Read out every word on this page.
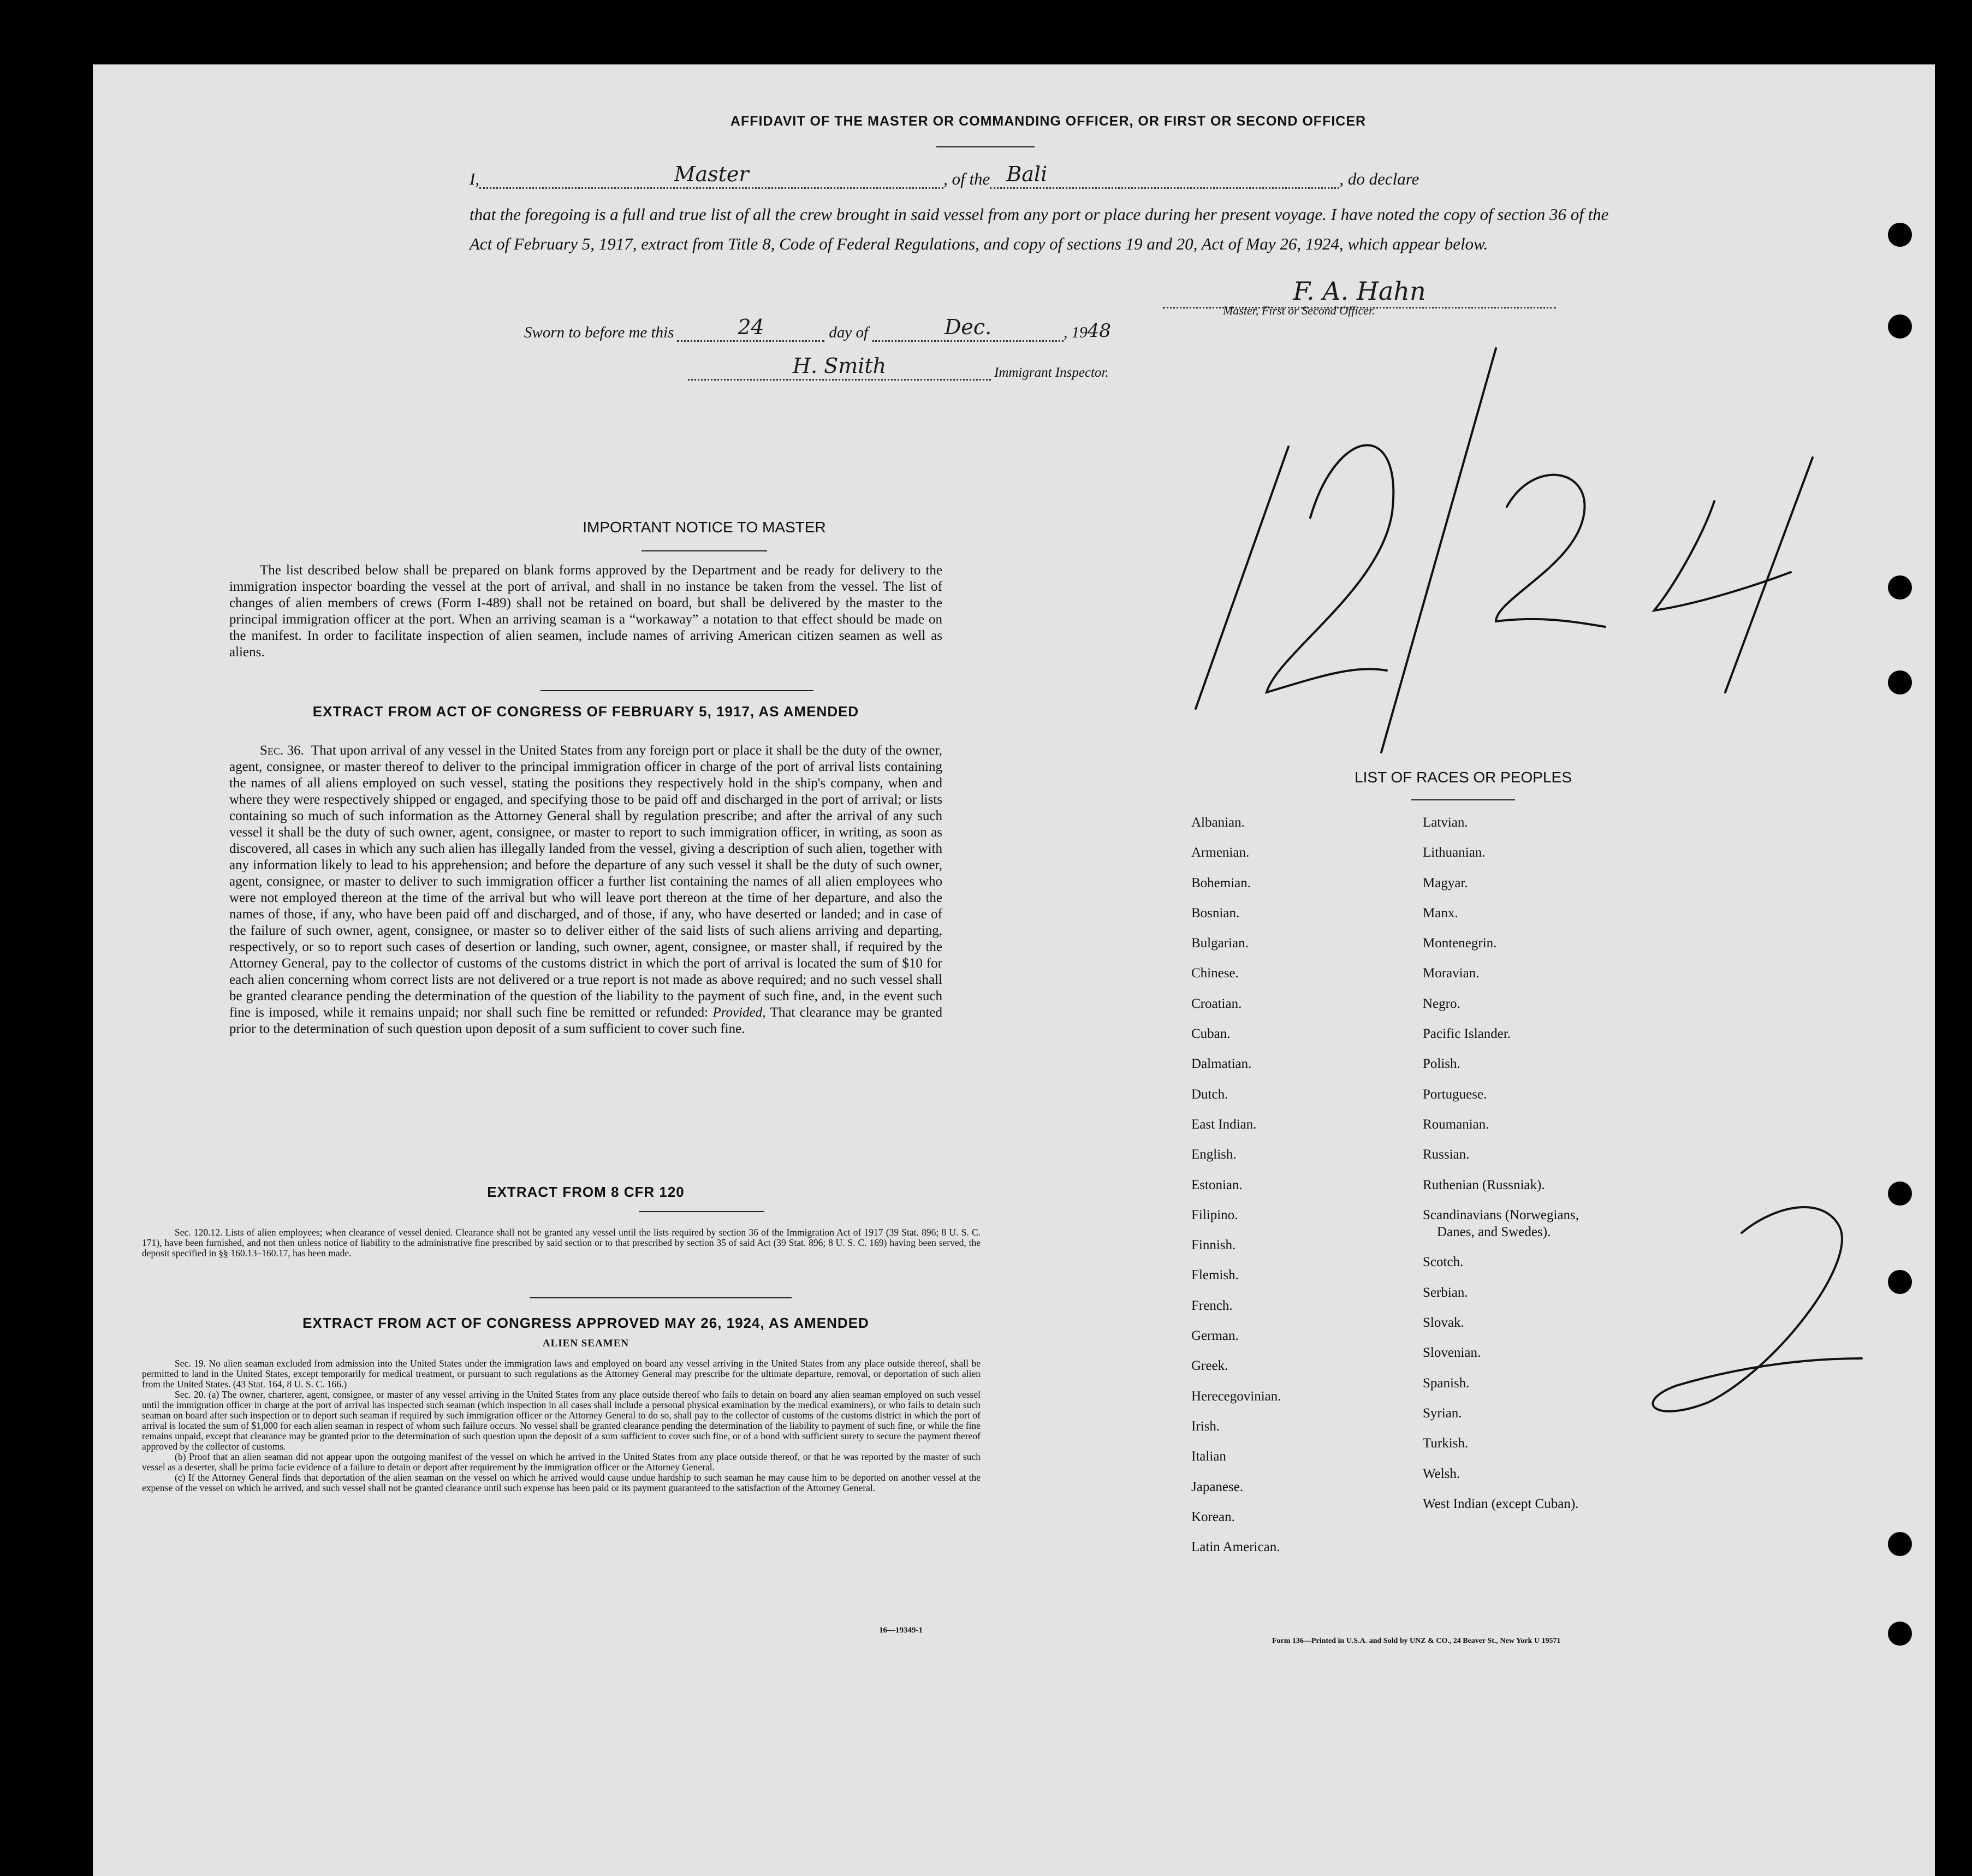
AFFIDAVIT OF THE MASTER OR COMMANDING OFFICER, OR FIRST OR SECOND OFFICER
I,	Master	, of the Bali	, do declare
that the foregoing is a full and true list of all the crew brought in said vessel from any port or place during her present voyage. I have noted the copy of section 36 of the Act of February 5, 1917, extract from Title 8, Code of Federal Regulations, and copy of sections 19 and 20, Act of May 26, 1924, which appear below.
F. A. Hahn
Master, First or Second Officer.
Sworn to before me this	24	day of	Dec.	, 19 48
H. Smith	Immigrant Inspector.
IMPORTANT NOTICE TO MASTER
The list described below shall be prepared on blank forms approved by the Department and be ready for delivery to the immigration inspector boarding the vessel at the port of arrival, and shall in no instance be taken from the vessel. The list of changes of alien members of crews (Form I-489) shall not be retained on board, but shall be delivered by the master to the principal immigration officer at the port. When an arriving seaman is a “workaway” a notation to that effect should be made on the manifest. In order to facilitate inspection of alien seamen, include names of arriving American citizen seamen as well as aliens.
EXTRACT FROM ACT OF CONGRESS OF FEBRUARY 5, 1917, AS AMENDED
Sec. 36. That upon arrival of any vessel in the United States from any foreign port or place it shall be the duty of the owner, agent, consignee, or master thereof to deliver to the principal immigration officer in charge of the port of arrival lists containing the names of all aliens employed on such vessel, stating the positions they respectively hold in the ship's company, when and where they were respectively shipped or engaged, and specifying those to be paid off and discharged in the port of arrival; or lists containing so much of such information as the Attorney General shall by regulation prescribe; and after the arrival of any such vessel it shall be the duty of such owner, agent, consignee, or master to report to such immigration officer, in writing, as soon as discovered, all cases in which any such alien has illegally landed from the vessel, giving a description of such alien, together with any information likely to lead to his apprehension; and before the departure of any such vessel it shall be the duty of such owner, agent, consignee, or master to deliver to such immigration officer a further list containing the names of all alien employees who were not employed thereon at the time of the arrival but who will leave port thereon at the time of her departure, and also the names of those, if any, who have been paid off and discharged, and of those, if any, who have deserted or landed; and in case of the failure of such owner, agent, consignee, or master so to deliver either of the said lists of such aliens arriving and departing, respectively, or so to report such cases of desertion or landing, such owner, agent, consignee, or master shall, if required by the Attorney General, pay to the collector of customs of the customs district in which the port of arrival is located the sum of $10 for each alien concerning whom correct lists are not delivered or a true report is not made as above required; and no such vessel shall be granted clearance pending the determination of the question of the liability to the payment of such fine, and, in the event such fine is imposed, while it remains unpaid; nor shall such fine be remitted or refunded: Provided, That clearance may be granted prior to the determination of such question upon deposit of a sum sufficient to cover such fine.
EXTRACT FROM 8 CFR 120
Sec. 120.12. Lists of alien employees; when clearance of vessel denied. Clearance shall not be granted any vessel until the lists required by section 36 of the Immigration Act of 1917 (39 Stat. 896; 8 U. S. C. 171), have been furnished, and not then unless notice of liability to the administrative fine prescribed by said section or to that prescribed by section 35 of said Act (39 Stat. 896; 8 U. S. C. 169) having been served, the deposit specified in §§ 160.13–160.17, has been made.
EXTRACT FROM ACT OF CONGRESS APPROVED MAY 26, 1924, AS AMENDED
ALIEN SEAMEN
Sec. 19. No alien seaman excluded from admission into the United States under the immigration laws and employed on board any vessel arriving in the United States from any place outside thereof, shall be permitted to land in the United States, except temporarily for medical treatment, or pursuant to such regulations as the Attorney General may prescribe for the ultimate departure, removal, or deportation of such alien from the United States. (43 Stat. 164, 8 U. S. C. 166.)
Sec. 20. (a) The owner, charterer, agent, consignee, or master of any vessel arriving in the United States from any place outside thereof who fails to detain on board any alien seaman employed on such vessel until the immigration officer in charge at the port of arrival has inspected such seaman (which inspection in all cases shall include a personal physical examination by the medical examiners), or who fails to detain such seaman on board after such inspection or to deport such seaman if required by such immigration officer or the Attorney General to do so, shall pay to the collector of customs of the customs district in which the port of arrival is located the sum of $1,000 for each alien seaman in respect of whom such failure occurs. No vessel shall be granted clearance pending the determination of the liability to payment of such fine, or while the fine remains unpaid, except that clearance may be granted prior to the determination of such question upon the deposit of a sum sufficient to cover such fine, or of a bond with sufficient surety to secure the payment thereof approved by the collector of customs.
(b) Proof that an alien seaman did not appear upon the outgoing manifest of the vessel on which he arrived in the United States from any place outside thereof, or that he was reported by the master of such vessel as a deserter, shall be prima facie evidence of a failure to detain or deport after requirement by the immigration officer or the Attorney General.
(c) If the Attorney General finds that deportation of the alien seaman on the vessel on which he arrived would cause undue hardship to such seaman he may cause him to be deported on another vessel at the expense of the vessel on which he arrived, and such vessel shall not be granted clearance until such expense has been paid or its payment guaranteed to the satisfaction of the Attorney General.
16—19349-1
LIST OF RACES OR PEOPLES
Albanian.
Armenian.
Bohemian.
Bosnian.
Bulgarian.
Chinese.
Croatian.
Cuban.
Dalmatian.
Dutch.
East Indian.
English.
Estonian.
Filipino.
Finnish.
Flemish.
French.
German.
Greek.
Herecegovinian.
Irish.
Italian
Japanese.
Korean.
Latin American.
Latvian.
Lithuanian.
Magyar.
Manx.
Montenegrin.
Moravian.
Negro.
Pacific Islander.
Polish.
Portuguese.
Roumanian.
Russian.
Ruthenian (Russniak).
Scandinavians (Norwegians,
Danes, and Swedes).
Scotch.
Serbian.
Slovak.
Slovenian.
Spanish.
Syrian.
Turkish.
Welsh.
West Indian (except Cuban).
Form 136—Printed in U.S.A. and Sold by UNZ & CO., 24 Beaver St., New York U 19571
